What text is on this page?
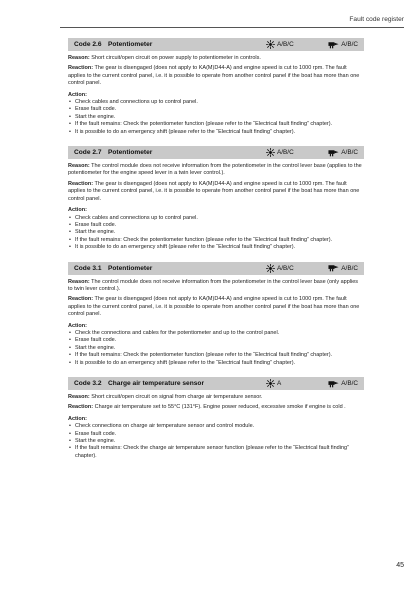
Fault code register
Code 2.6 Potentiometer	A/B/C	A/B/C

Reason: Short circuit/open circuit on power supply to potentiometer in controls.

Reaction: The gear is disengaged (does not apply to KA(M)D44-A) and engine speed is cut to 1000 rpm. The fault applies to the current control panel, i.e. it is possible to operate from another control panel if the boat has more than one control panel.

Action:
• Check cables and connections up to control panel.
• Erase fault code.
• Start the engine.
• If the fault remains: Check the potentiometer function (please refer to the “Electrical fault finding” chapter).
• It is possible to do an emergency shift (please refer to the “Electrical fault finding” chapter).
Code 2.7 Potentiometer	A/B/C	A/B/C

Reason: The control module does not receive information from the potentiometer in the control lever base (applies to the potentiometer for the engine speed lever in a twin lever control.).

Reaction: The gear is disengaged (does not apply to KA(M)D44-A) and engine speed is cut to 1000 rpm. The fault applies to the current control panel, i.e. it is possible to operate from another control panel if the boat has more than one control panel.

Action:
• Check cables and connections up to control panel.
• Erase fault code.
• Start the engine.
• If the fault remains: Check the potentiometer function (please refer to the “Electrical fault finding” chapter).
• It is possible to do an emergency shift (please refer to the “Electrical fault finding” chapter).
Code 3.1 Potentiometer	A/B/C	A/B/C

Reason: The control module does not receive information from the potentiometer in the control lever base (only applies to twin lever control.).

Reaction: The gear is disengaged (does not apply to KA(M)D44-A) and engine speed is cut to 1000 rpm. The fault applies to the current control panel, i.e. it is possible to operate from another control panel if the boat has more than one control panel.

Action:
• Check the connections and cables for the potentiometer and up to the control panel.
• Erase fault code.
• Start the engine.
• If the fault remains: Check the potentiometer function (please refer to the “Electrical fault finding” chapter).
• It is possible to do an emergency shift (please refer to the “Electrical fault finding” chapter).
Code 3.2 Charge air temperature sensor	A	A/B/C

Reason: Short circuit/open circuit on signal from charge air temperature sensor.

Reaction: Charge air temperature set to 55°C (131°F). Engine power reduced, excessive smoke if engine is cold .

Action:
• Check connections on charge air temperature sensor and control module.
• Erase fault code.
• Start the engine.
• If the fault remains: Check the charge air temperature sensor function (please refer to the “Electrical fault finding” chapter).
45
